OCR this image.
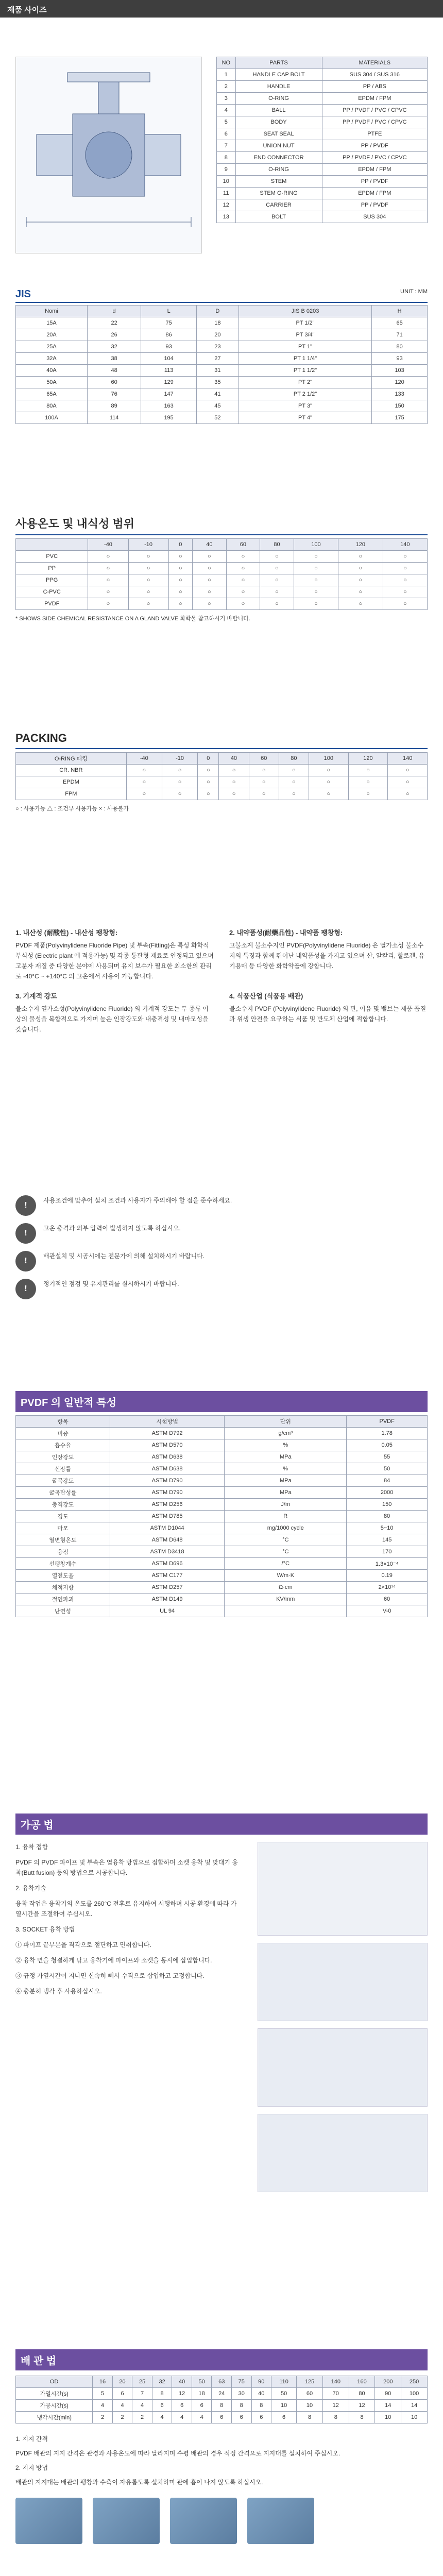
제품 사이즈
NO	PARTS	MATERIALS
1	HANDLE CAP BOLT	SUS 304 / SUS 316
2	HANDLE	PP / ABS
3	O-RING	EPDM / FPM
4	BALL	PP / PVDF / PVC / CPVC
5	BODY	PP / PVDF / PVC / CPVC
6	SEAT SEAL	PTFE
7	UNION NUT	PP / PVDF
8	END CONNECTOR	PP / PVDF / PVC / CPVC
9	O-RING	EPDM / FPM
10	STEM	PP / PVDF
11	STEM O-RING	EPDM / FPM
12	CARRIER	PP / PVDF
13	BOLT	SUS 304
JIS	UNIT : MM
Nomi	d	L	D	JIS B 0203	H
15A	22	75	18	PT 1/2"	65
20A	26	86	20	PT 3/4"	71
25A	32	93	23	PT 1"	80
32A	38	104	27	PT 1 1/4"	93
40A	48	113	31	PT 1 1/2"	103
50A	60	129	35	PT 2"	120
65A	76	147	41	PT 2 1/2"	133
80A	89	163	45	PT 3"	150
100A	114	195	52	PT 4"	175
사용온도 및 내식성 범위
	-40	-10	0	40	60	80	100	120	140
PVC	○	○	○	○	○	○	○	○	○
PP	○	○	○	○	○	○	○	○	○
PPG	○	○	○	○	○	○	○	○	○
C-PVC	○	○	○	○	○	○	○	○	○
PVDF	○	○	○	○	○	○	○	○	○
* SHOWS SIDE CHEMICAL RESISTANCE ON A GLAND VALVE 화학물 참고하시기 바랍니다.
PACKING
O-RING 패킹	-40	-10	0	40	60	80	100	120	140
CR. NBR	○	○	○	○	○	○	○	○	○
EPDM	○	○	○	○	○	○	○	○	○
FPM	○	○	○	○	○	○	○	○	○
○ : 사용가능 △ : 조건부 사용가능 × : 사용불가
1. 내산성 (耐酸性) - 내산성 팽창형:
PVDF 제품(Polyvinylidene Fluoride Pipe) 및 부속(Fitting)은 특성 화학적 부식성 (Electric plant 에 적용가능) 및 각종 통관형 재료로 인정되고 있으며 고분자 재질 중 다양한 분야에 사용되며 유지 보수가 필요한 최소한의 관리로 -40°C ~ +140°C 의 고온에서 사용이 가능합니다.
2. 내약품성(耐藥品性) - 내약품 팽창형:
고불소계 불소수지인 PVDF(Polyvinylidene Fluoride) 은 열가소성 불소수지의 특징과 함께 뛰어난 내약품성을 가지고 있으며 산, 알칼리, 할로겐, 유기용매 등 다양한 화학약품에 강합니다.
3. 기계적 강도
불소수지 열가소성(Polyvinylidene Fluoride) 의 기계적 강도는 두 종류 이상의 물성을 복합적으로 가지며 높은 인장강도와 내충격성 및 내마모성을 갖습니다.
4. 식품산업 (식품용 배관)
불소수지 PVDF (Polyvinylidene Fluoride) 의 관, 이음 및 밸브는 제품 품질과 위생 안전을 요구하는 식품 및 반도체 산업에 적합합니다.
!
사용조건에 맞추어 설치 조건과 사용자가 주의해야 할 점을 준수하세요.
!
고온 충격과 외부 압력이 발생하지 않도록 하십시오.
!
배관설치 및 시공시에는 전문가에 의해 설치하시기 바랍니다.
!
정기적인 점검 및 유지관리를 실시하시기 바랍니다.
PVDF 의 일반적 특성
항목	시험방법	단위	PVDF
비중	ASTM D792	g/cm³	1.78
흡수율	ASTM D570	%	0.05
인장강도	ASTM D638	MPa	55
신장률	ASTM D638	%	50
굴곡강도	ASTM D790	MPa	84
굴곡탄성률	ASTM D790	MPa	2000
충격강도	ASTM D256	J/m	150
경도	ASTM D785	R	80
마모	ASTM D1044	mg/1000 cycle	5~10
열변형온도	ASTM D648	°C	145
융점	ASTM D3418	°C	170
선팽창계수	ASTM D696	/°C	1.3×10⁻⁴
열전도율	ASTM C177	W/m·K	0.19
체적저항	ASTM D257	Ω·cm	2×10¹⁴
절연파괴	ASTM D149	KV/mm	60
난연성	UL 94		V-0
가공 법

1. 융착 접합

PVDF 의 PVDF 파이프 및 부속은 열융착 방법으로 접합하며 소켓 융착 및 맞대기 융착(Butt fusion) 등의 방법으로 시공합니다.

2. 융착기술

융착 작업은 융착기의 온도를 260°C 전후로 유지하여 시행하며 시공 환경에 따라 가열시간을 조절하여 주십시오.

3. SOCKET 융착 방법

① 파이프 끝부분을 직각으로 절단하고 면취합니다.

② 융착 면을 청결하게 닦고 융착기에 파이프와 소켓을 동시에 삽입합니다.

③ 규정 가열시간이 지나면 신속히 빼서 수직으로 삽입하고 고정합니다.

④ 충분히 냉각 후 사용하십시오.

배 관 법
OD	16	20	25	32	40	50	63	75	90	110	125	140	160	200	250
가열시간(s)	5	6	7	8	12	18	24	30	40	50	60	70	80	90	100
가공시간(s)	4	4	4	6	6	6	8	8	8	10	10	12	12	14	14
냉각시간(min)	2	2	2	4	4	4	6	6	6	6	8	8	8	10	10

1. 지지 간격

PVDF 배관의 지지 간격은 관경과 사용온도에 따라 달라지며 수평 배관의 경우 적정 간격으로 지지대를 설치하여 주십시오.

2. 지지 방법

배관의 지지대는 배관의 팽창과 수축이 자유롭도록 설치하며 관에 흠이 나지 않도록 하십시오.
